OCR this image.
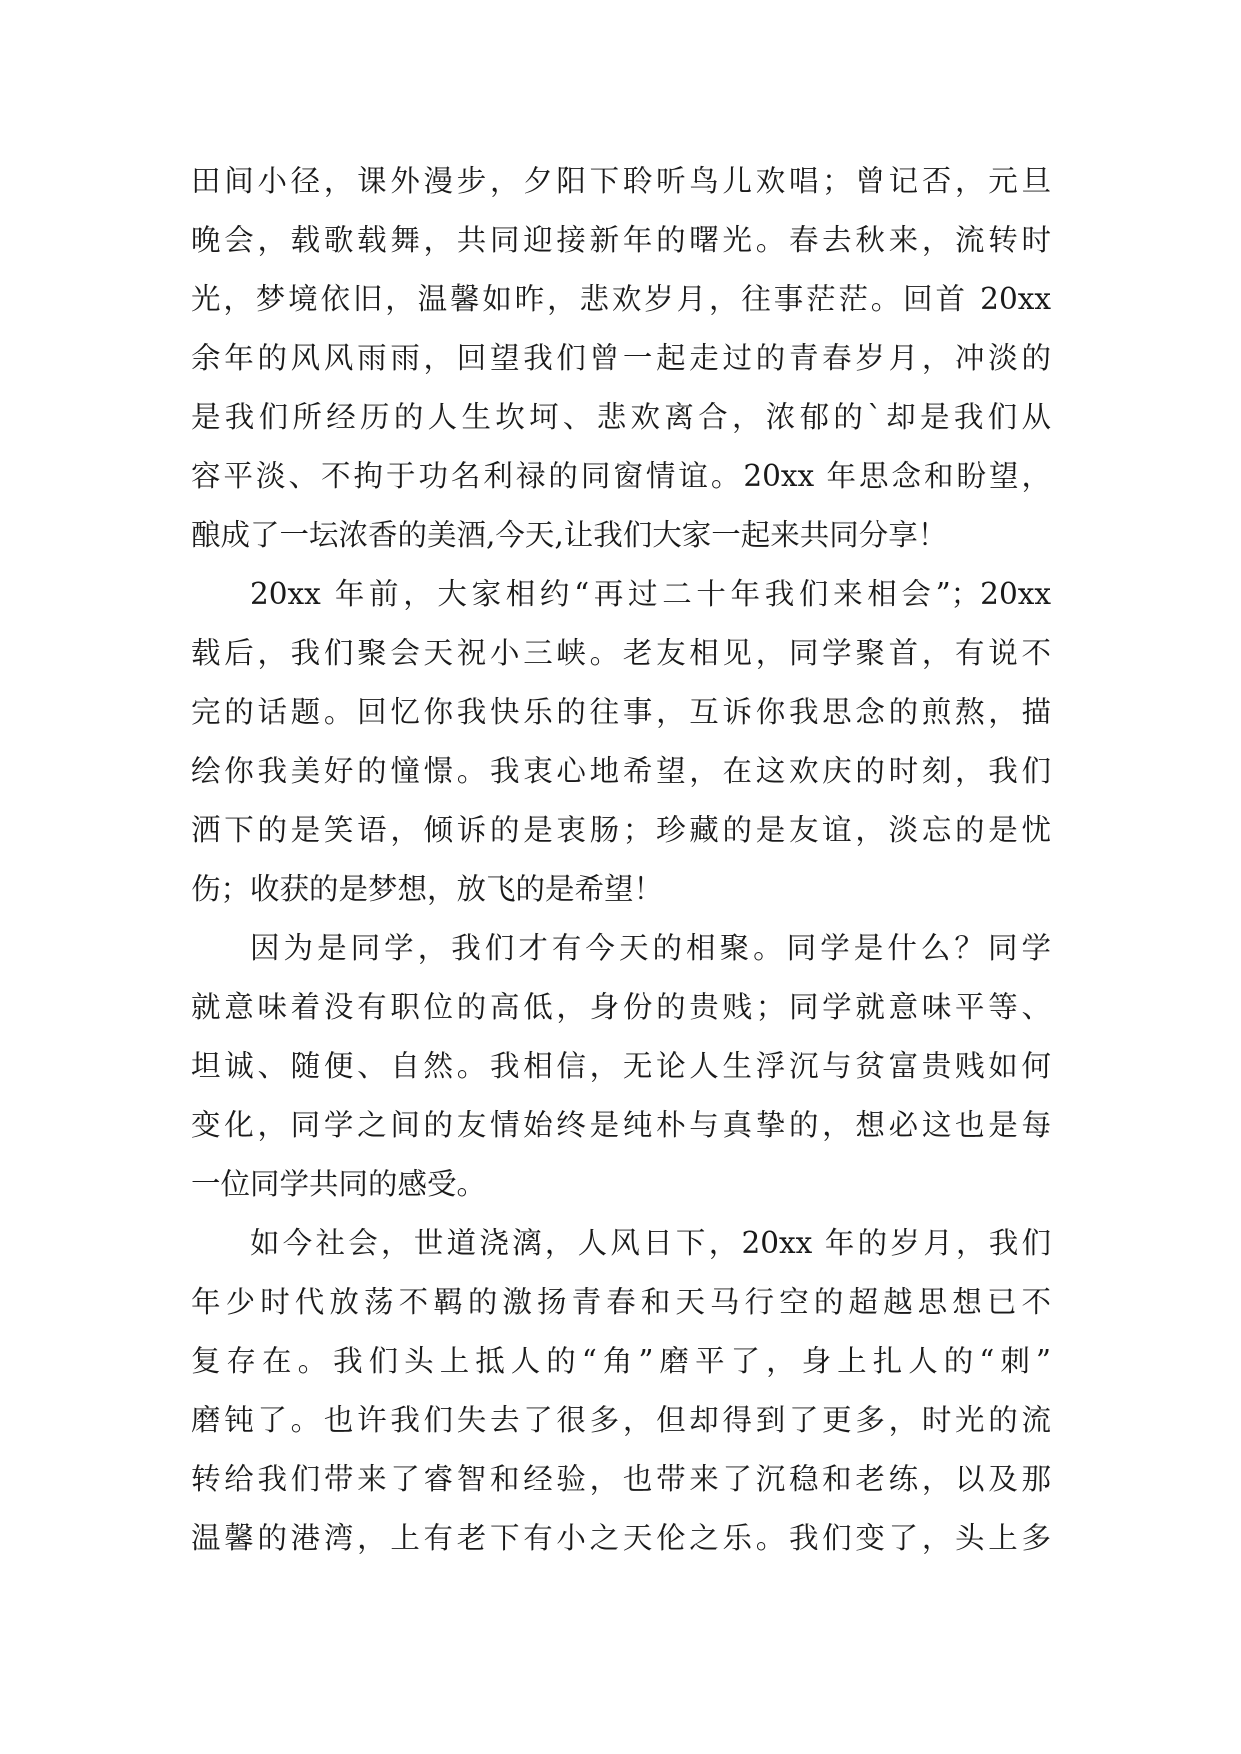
田间小径，课外漫步，夕阳下聆听鸟儿欢唱；曾记否，元旦
晚会，载歌载舞，共同迎接新年的曙光。春去秋来，流转时
光，梦境依旧，温馨如昨，悲欢岁月，往事茫茫。回首 20xx
余年的风风雨雨，回望我们曾一起走过的青春岁月，冲淡的
是我们所经历的人生坎坷、悲欢离合，浓郁的`却是我们从
容平淡、不拘于功名利禄的同窗情谊。20xx 年思念和盼望，
酿成了一坛浓香的美酒,今天,让我们大家一起来共同分享！
20xx 年前，大家相约“再过二十年我们来相会”；20xx
载后，我们聚会天祝小三峡。老友相见，同学聚首，有说不
完的话题。回忆你我快乐的往事，互诉你我思念的煎熬，描
绘你我美好的憧憬。我衷心地希望，在这欢庆的时刻，我们
洒下的是笑语，倾诉的是衷肠；珍藏的是友谊，淡忘的是忧
伤；收获的是梦想，放飞的是希望！
因为是同学，我们才有今天的相聚。同学是什么？同学
就意味着没有职位的高低，身份的贵贱；同学就意味平等、
坦诚、随便、自然。我相信，无论人生浮沉与贫富贵贱如何
变化，同学之间的友情始终是纯朴与真挚的，想必这也是每
一位同学共同的感受。
如今社会，世道浇漓，人风日下，20xx 年的岁月，我们
年少时代放荡不羁的激扬青春和天马行空的超越思想已不
复存在。我们头上抵人的“角”磨平了，身上扎人的“刺”
磨钝了。也许我们失去了很多，但却得到了更多，时光的流
转给我们带来了睿智和经验，也带来了沉稳和老练，以及那
温馨的港湾，上有老下有小之天伦之乐。我们变了，头上多
